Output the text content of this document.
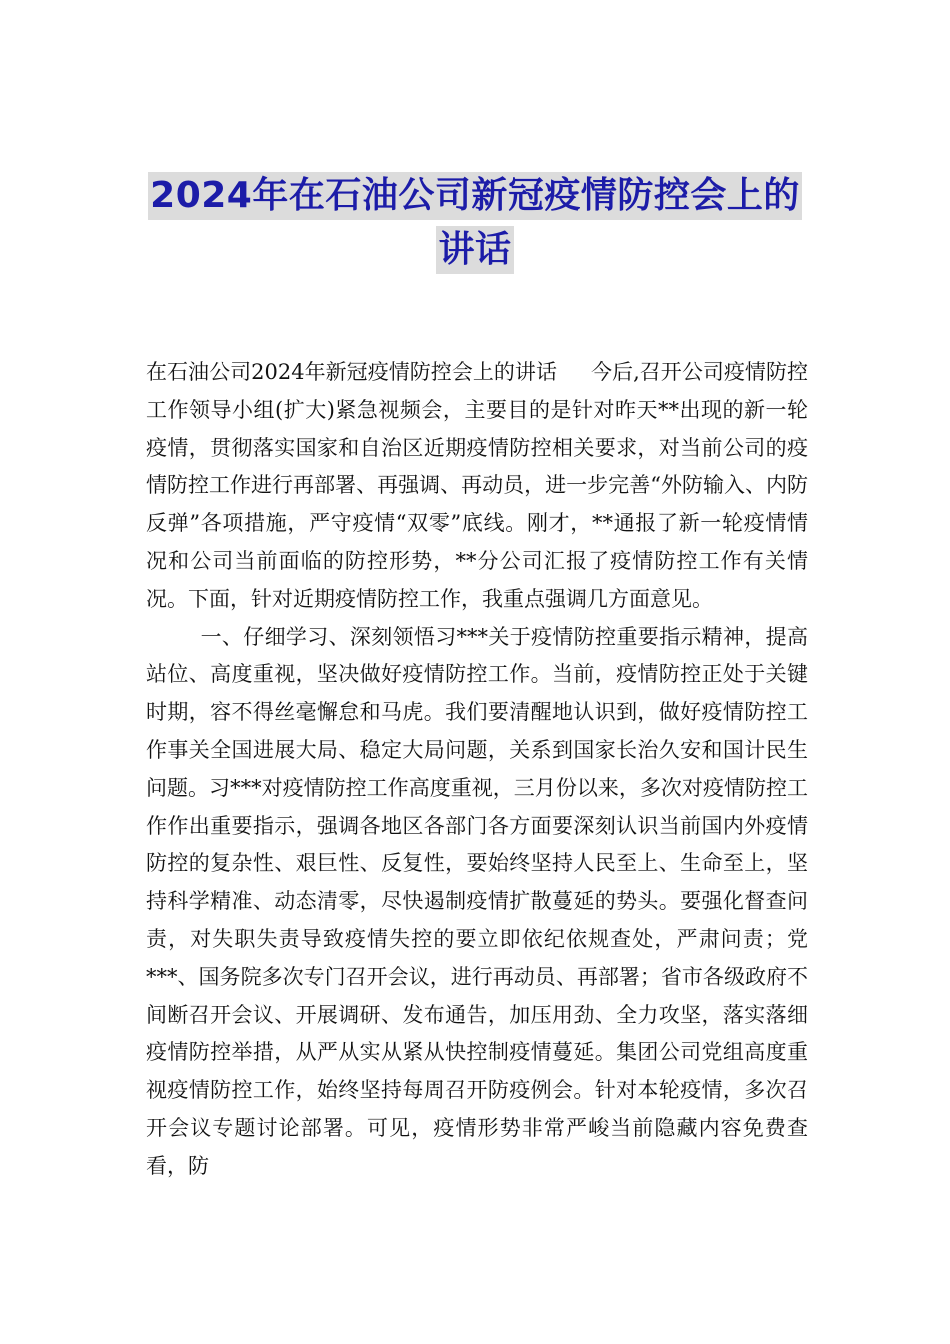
2024年在石油公司新冠疫情防控会上的
讲话

在石油公司2024年新冠疫情防控会上的讲话 今后,召开公司疫情防控工作领导小组(扩大)紧急视频会，主要目的是针对昨天**出现的新一轮疫情，贯彻落实国家和自治区近期疫情防控相关要求，对当前公司的疫情防控工作进行再部署、再强调、再动员，进一步完善“外防输入、内防反弹”各项措施，严守疫情“双零”底线。刚才，**通报了新一轮疫情情况和公司当前面临的防控形势，**分公司汇报了疫情防控工作有关情况。下面，针对近期疫情防控工作，我重点强调几方面意见。

一、仔细学习、深刻领悟习***关于疫情防控重要指示精神，提高站位、高度重视，坚决做好疫情防控工作。当前，疫情防控正处于关键时期，容不得丝毫懈怠和马虎。我们要清醒地认识到，做好疫情防控工作事关全国进展大局、稳定大局问题，关系到国家长治久安和国计民生问题。习***对疫情防控工作高度重视，三月份以来，多次对疫情防控工作作出重要指示，强调各地区各部门各方面要深刻认识当前国内外疫情防控的复杂性、艰巨性、反复性，要始终坚持人民至上、生命至上，坚持科学精准、动态清零，尽快遏制疫情扩散蔓延的势头。要强化督查问责，对失职失责导致疫情失控的要立即依纪依规查处，严肃问责；党***、国务院多次专门召开会议，进行再动员、再部署；省市各级政府不间断召开会议、开展调研、发布通告，加压用劲、全力攻坚，落实落细疫情防控举措，从严从实从紧从快控制疫情蔓延。集团公司党组高度重视疫情防控工作，始终坚持每周召开防疫例会。针对本轮疫情，多次召开会议专题讨论部署。可见，疫情形势非常严峻当前隐藏内容免费查看，防
